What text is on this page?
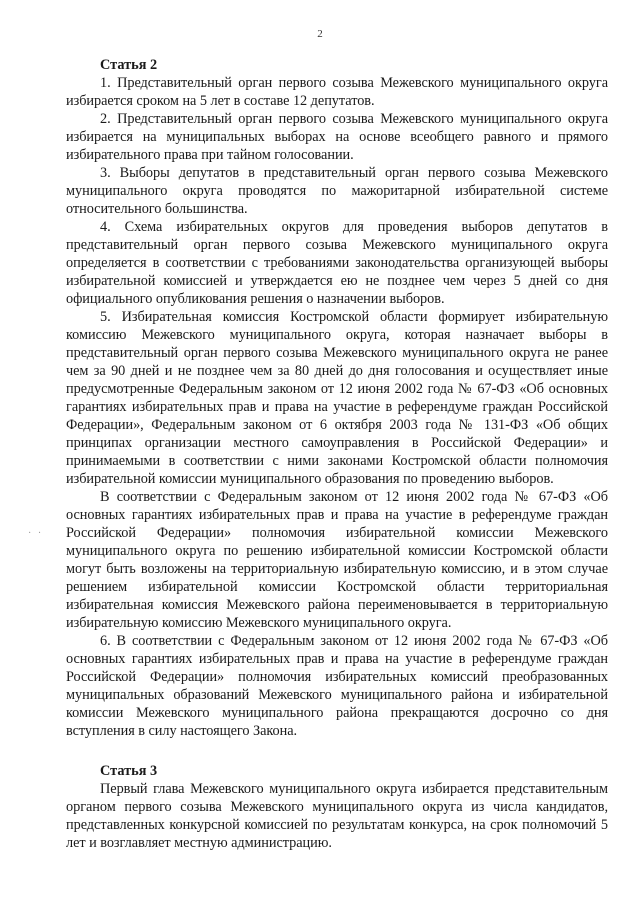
2
· ·

Статья 2

1. Представительный орган первого созыва Межевского муниципального округа избирается сроком на 5 лет в составе 12 депутатов.

2. Представительный орган первого созыва Межевского муниципального округа избирается на муниципальных выборах на основе всеобщего равного и прямого избирательного права при тайном голосовании.

3. Выборы депутатов в представительный орган первого созыва Межевского муниципального округа проводятся по мажоритарной избирательной системе относительного большинства.

4. Схема избирательных округов для проведения выборов депутатов в представительный орган первого созыва Межевского муниципального округа определяется в соответствии с требованиями законодательства организующей выборы избирательной комиссией и утверждается ею не позднее чем через 5 дней со дня официального опубликования решения о назначении выборов.

5. Избирательная комиссия Костромской области формирует избирательную комиссию Межевского муниципального округа, которая назначает выборы в представительный орган первого созыва Межевского муниципального округа не ранее чем за 90 дней и не позднее чем за 80 дней до дня голосования и осуществляет иные предусмотренные Федеральным законом от 12 июня 2002 года № 67-ФЗ «Об основных гарантиях избирательных прав и права на участие в референдуме граждан Российской Федерации», Федеральным законом от 6 октября 2003 года № 131-ФЗ «Об общих принципах организации местного самоуправления в Российской Федерации» и принимаемыми в соответствии с ними законами Костромской области полномочия избирательной комиссии муниципального образования по проведению выборов.

В соответствии с Федеральным законом от 12 июня 2002 года № 67-ФЗ «Об основных гарантиях избирательных прав и права на участие в референдуме граждан Российской Федерации» полномочия избирательной комиссии Межевского муниципального округа по решению избирательной комиссии Костромской области могут быть возложены на территориальную избирательную комиссию, и в этом случае решением избирательной комиссии Костромской области территориальная избирательная комиссия Межевского района переименовывается в территориальную избирательную комиссию Межевского муниципального округа.

6. В соответствии с Федеральным законом от 12 июня 2002 года № 67-ФЗ «Об основных гарантиях избирательных прав и права на участие в референдуме граждан Российской Федерации» полномочия избирательных комиссий преобразованных муниципальных образований Межевского муниципального района и избирательной комиссии Межевского муниципального района прекращаются досрочно со дня вступления в силу настоящего Закона.

Статья 3

Первый глава Межевского муниципального округа избирается представительным органом первого созыва Межевского муниципального округа из числа кандидатов, представленных конкурсной комиссией по результатам конкурса, на срок полномочий 5 лет и возглавляет местную администрацию.
